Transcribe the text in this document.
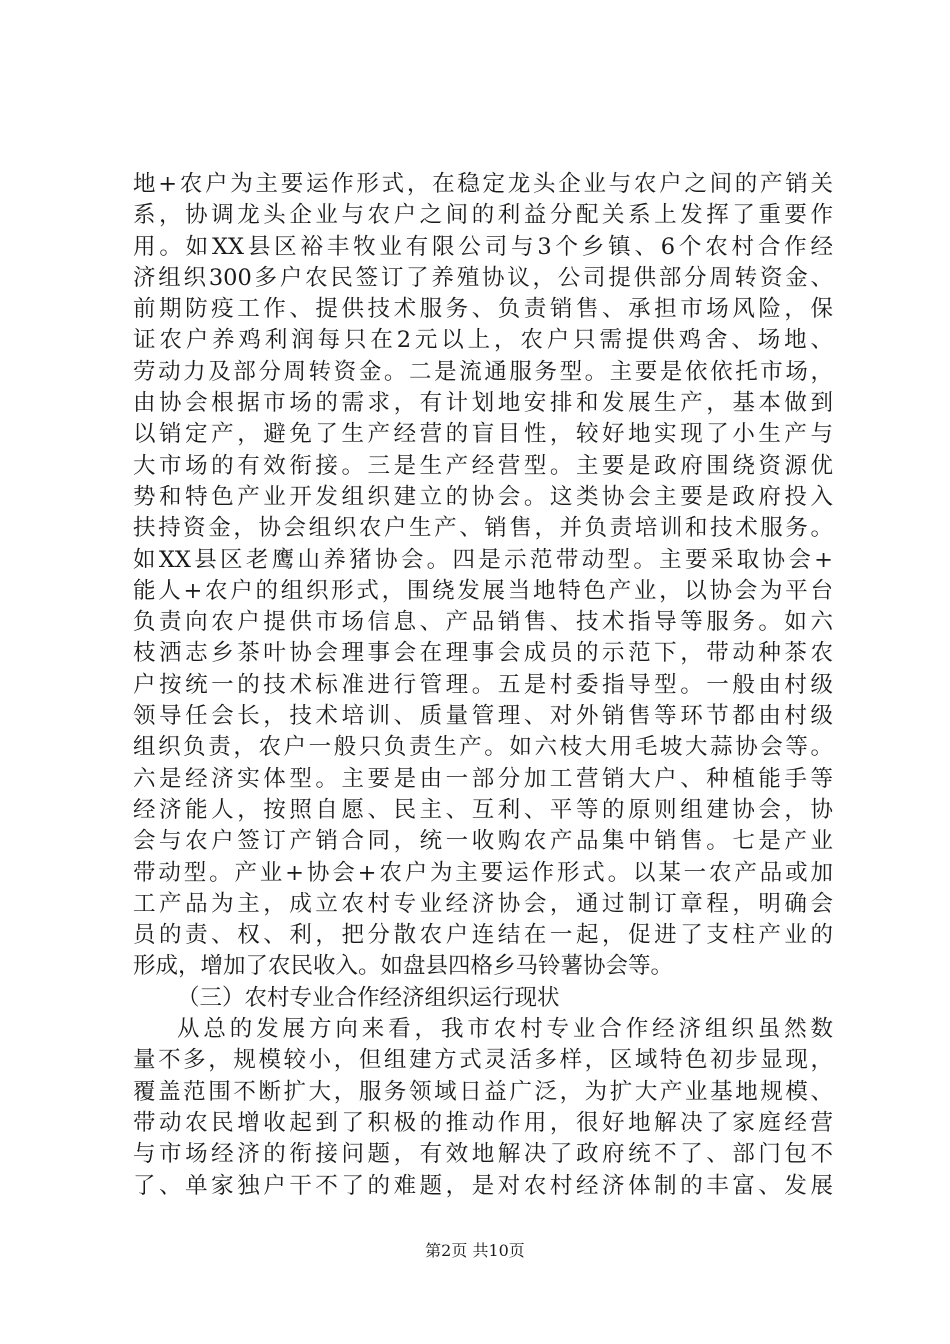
地+农户为主要运作形式，在稳定龙头企业与农户之间的产销关
系，协调龙头企业与农户之间的利益分配关系上发挥了重要作
用。如XX县区裕丰牧业有限公司与3个乡镇、6个农村合作经
济组织300多户农民签订了养殖协议，公司提供部分周转资金、
前期防疫工作、提供技术服务、负责销售、承担市场风险，保
证农户养鸡利润每只在2元以上，农户只需提供鸡舍、场地、
劳动力及部分周转资金。二是流通服务型。主要是依依托市场，
由协会根据市场的需求，有计划地安排和发展生产，基本做到
以销定产，避免了生产经营的盲目性，较好地实现了小生产与
大市场的有效衔接。三是生产经营型。主要是政府围绕资源优
势和特色产业开发组织建立的协会。这类协会主要是政府投入
扶持资金，协会组织农户生产、销售，并负责培训和技术服务。
如XX县区老鹰山养猪协会。四是示范带动型。主要采取协会+
能人+农户的组织形式，围绕发展当地特色产业，以协会为平台
负责向农户提供市场信息、产品销售、技术指导等服务。如六
枝洒志乡茶叶协会理事会在理事会成员的示范下，带动种茶农
户按统一的技术标准进行管理。五是村委指导型。一般由村级
领导任会长，技术培训、质量管理、对外销售等环节都由村级
组织负责，农户一般只负责生产。如六枝大用毛坡大蒜协会等。
六是经济实体型。主要是由一部分加工营销大户、种植能手等
经济能人，按照自愿、民主、互利、平等的原则组建协会，协
会与农户签订产销合同，统一收购农产品集中销售。七是产业
带动型。产业+协会+农户为主要运作形式。以某一农产品或加
工产品为主，成立农村专业经济协会，通过制订章程，明确会
员的责、权、利，把分散农户连结在一起，促进了支柱产业的
形成，增加了农民收入。如盘县四格乡马铃薯协会等。
（三）农村专业合作经济组织运行现状
从总的发展方向来看，我市农村专业合作经济组织虽然数
量不多，规模较小，但组建方式灵活多样，区域特色初步显现，
覆盖范围不断扩大，服务领域日益广泛，为扩大产业基地规模、
带动农民增收起到了积极的推动作用，很好地解决了家庭经营
与市场经济的衔接问题，有效地解决了政府统不了、部门包不
了、单家独户干不了的难题，是对农村经济体制的丰富、发展
第2页 共10页
